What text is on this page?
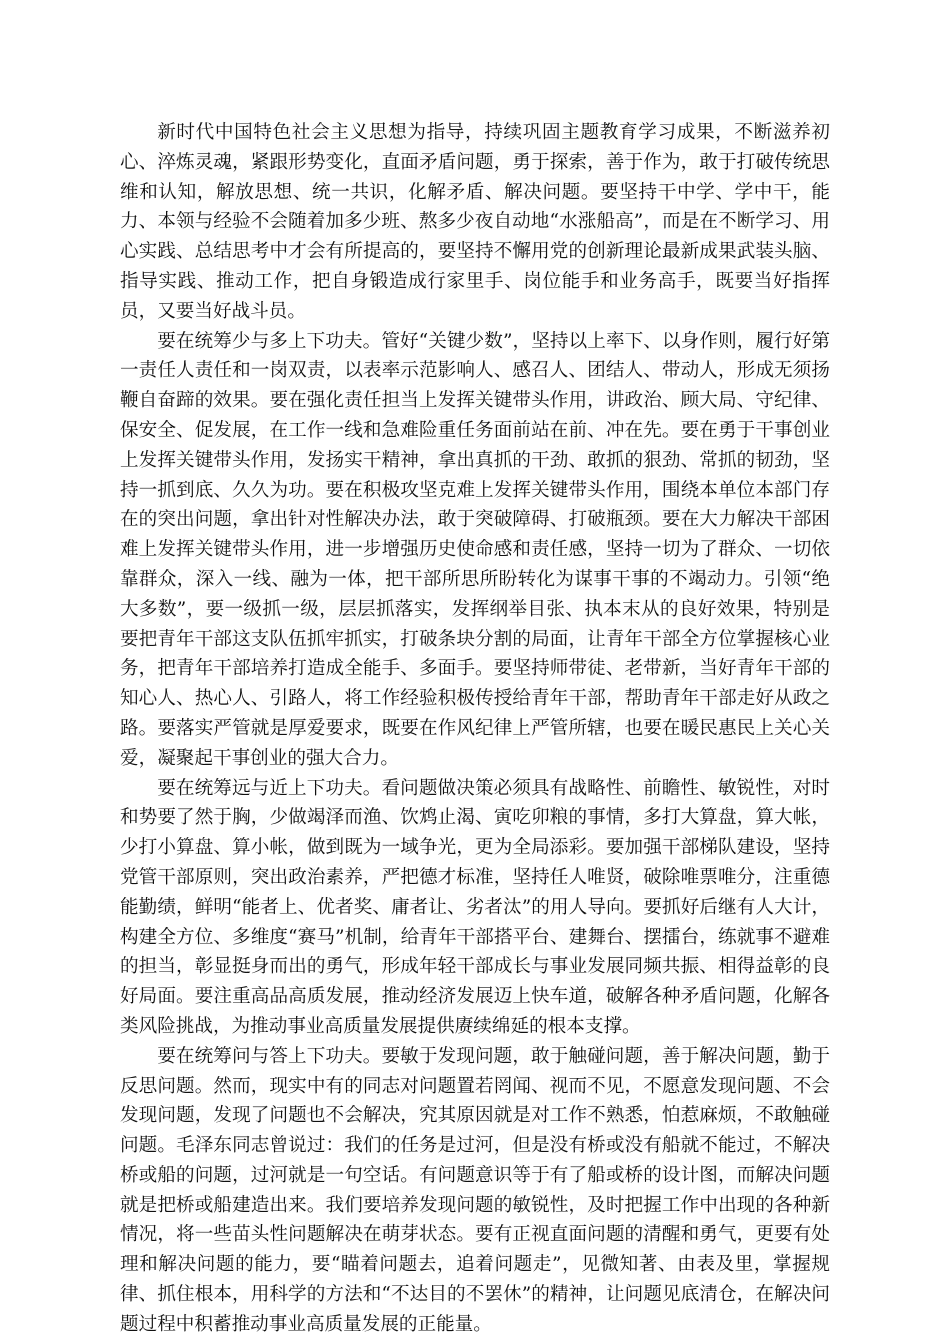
新时代中国特色社会主义思想为指导，持续巩固主题教育学习成果，不断滋养初心、淬炼灵魂，紧跟形势变化，直面矛盾问题，勇于探索，善于作为，敢于打破传统思维和认知，解放思想、统一共识，化解矛盾、解决问题。要坚持干中学、学中干，能力、本领与经验不会随着加多少班、熬多少夜自动地“水涨船高”，而是在不断学习、用心实践、总结思考中才会有所提高的，要坚持不懈用党的创新理论最新成果武装头脑、指导实践、推动工作，把自身锻造成行家里手、岗位能手和业务高手，既要当好指挥员，又要当好战斗员。

要在统筹少与多上下功夫。管好“关键少数”，坚持以上率下、以身作则，履行好第一责任人责任和一岗双责，以表率示范影响人、感召人、团结人、带动人，形成无须扬鞭自奋蹄的效果。要在强化责任担当上发挥关键带头作用，讲政治、顾大局、守纪律、保安全、促发展，在工作一线和急难险重任务面前站在前、冲在先。要在勇于干事创业上发挥关键带头作用，发扬实干精神，拿出真抓的干劲、敢抓的狠劲、常抓的韧劲，坚持一抓到底、久久为功。要在积极攻坚克难上发挥关键带头作用，围绕本单位本部门存在的突出问题，拿出针对性解决办法，敢于突破障碍、打破瓶颈。要在大力解决干部困难上发挥关键带头作用，进一步增强历史使命感和责任感，坚持一切为了群众、一切依靠群众，深入一线、融为一体，把干部所思所盼转化为谋事干事的不竭动力。引领“绝大多数”，要一级抓一级，层层抓落实，发挥纲举目张、执本末从的良好效果，特别是要把青年干部这支队伍抓牢抓实，打破条块分割的局面，让青年干部全方位掌握核心业务，把青年干部培养打造成全能手、多面手。要坚持师带徒、老带新，当好青年干部的知心人、热心人、引路人，将工作经验积极传授给青年干部，帮助青年干部走好从政之路。要落实严管就是厚爱要求，既要在作风纪律上严管所辖，也要在暖民惠民上关心关爱，凝聚起干事创业的强大合力。

要在统筹远与近上下功夫。看问题做决策必须具有战略性、前瞻性、敏锐性，对时和势要了然于胸，少做竭泽而渔、饮鸩止渴、寅吃卯粮的事情，多打大算盘，算大帐，少打小算盘、算小帐，做到既为一域争光，更为全局添彩。要加强干部梯队建设，坚持党管干部原则，突出政治素养，严把德才标准，坚持任人唯贤，破除唯票唯分，注重德能勤绩，鲜明“能者上、优者奖、庸者让、劣者汰”的用人导向。要抓好后继有人大计，构建全方位、多维度“赛马”机制，给青年干部搭平台、建舞台、摆擂台，练就事不避难的担当，彰显挺身而出的勇气，形成年轻干部成长与事业发展同频共振、相得益彰的良好局面。要注重高品高质发展，推动经济发展迈上快车道，破解各种矛盾问题，化解各类风险挑战，为推动事业高质量发展提供赓续绵延的根本支撑。

要在统筹问与答上下功夫。要敏于发现问题，敢于触碰问题，善于解决问题，勤于反思问题。然而，现实中有的同志对问题置若罔闻、视而不见，不愿意发现问题、不会发现问题，发现了问题也不会解决，究其原因就是对工作不熟悉，怕惹麻烦，不敢触碰问题。毛泽东同志曾说过：我们的任务是过河，但是没有桥或没有船就不能过，不解决桥或船的问题，过河就是一句空话。有问题意识等于有了船或桥的设计图，而解决问题就是把桥或船建造出来。我们要培养发现问题的敏锐性，及时把握工作中出现的各种新情况，将一些苗头性问题解决在萌芽状态。要有正视直面问题的清醒和勇气，更要有处理和解决问题的能力，要“瞄着问题去，追着问题走”，见微知著、由表及里，掌握规律、抓住根本，用科学的方法和“不达目的不罢休”的精神，让问题见底清仓，在解决问题过程中积蓄推动事业高质量发展的正能量。
